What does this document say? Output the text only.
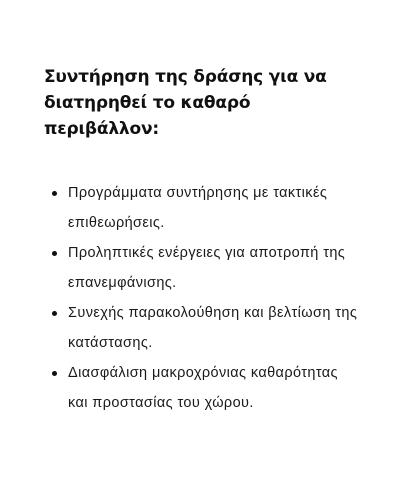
Συντήρηση της δράσης για να διατηρηθεί το καθαρό περιβάλλον:
Προγράμματα συντήρησης με τακτικές επιθεωρήσεις.
Προληπτικές ενέργειες για αποτροπή της επανεμφάνισης.
Συνεχής παρακολούθηση και βελτίωση της κατάστασης.
Διασφάλιση μακροχρόνιας καθαρότητας και προστασίας του χώρου.
